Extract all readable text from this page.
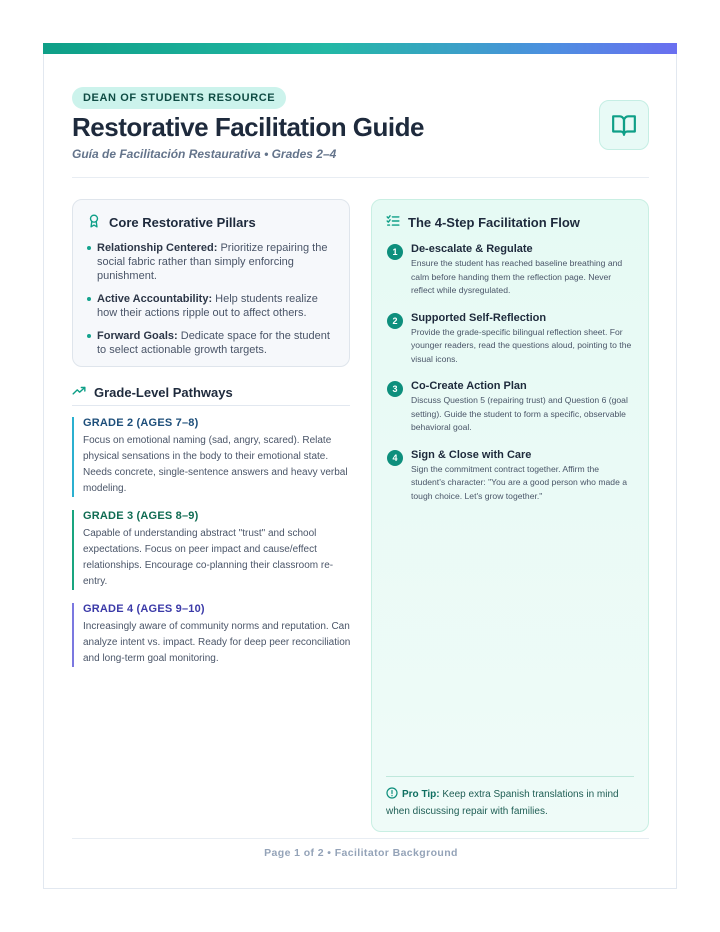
DEAN OF STUDENTS RESOURCE
Restorative Facilitation Guide
Guía de Facilitación Restaurativa • Grades 2–4
Core Restorative Pillars
Relationship Centered: Prioritize repairing the social fabric rather than simply enforcing punishment.
Active Accountability: Help students realize how their actions ripple out to affect others.
Forward Goals: Dedicate space for the student to select actionable growth targets.
Grade-Level Pathways
GRADE 2 (AGES 7–8)
Focus on emotional naming (sad, angry, scared). Relate physical sensations in the body to their emotional state. Needs concrete, single-sentence answers and heavy verbal modeling.
GRADE 3 (AGES 8–9)
Capable of understanding abstract "trust" and school expectations. Focus on peer impact and cause/effect relationships. Encourage co-planning their classroom re-entry.
GRADE 4 (AGES 9–10)
Increasingly aware of community norms and reputation. Can analyze intent vs. impact. Ready for deep peer reconciliation and long-term goal monitoring.
The 4-Step Facilitation Flow
1	De-escalate & Regulate
Ensure the student has reached baseline breathing and calm before handing them the reflection page. Never reflect while dysregulated.
2	Supported Self-Reflection
Provide the grade-specific bilingual reflection sheet. For younger readers, read the questions aloud, pointing to the visual icons.
3	Co-Create Action Plan
Discuss Question 5 (repairing trust) and Question 6 (goal setting). Guide the student to form a specific, observable behavioral goal.
4	Sign & Close with Care
Sign the commitment contract together. Affirm the student's character: "You are a good person who made a tough choice. Let's grow together."
Pro Tip: Keep extra Spanish translations in mind when discussing repair with families.
Page 1 of 2 • Facilitator Background
